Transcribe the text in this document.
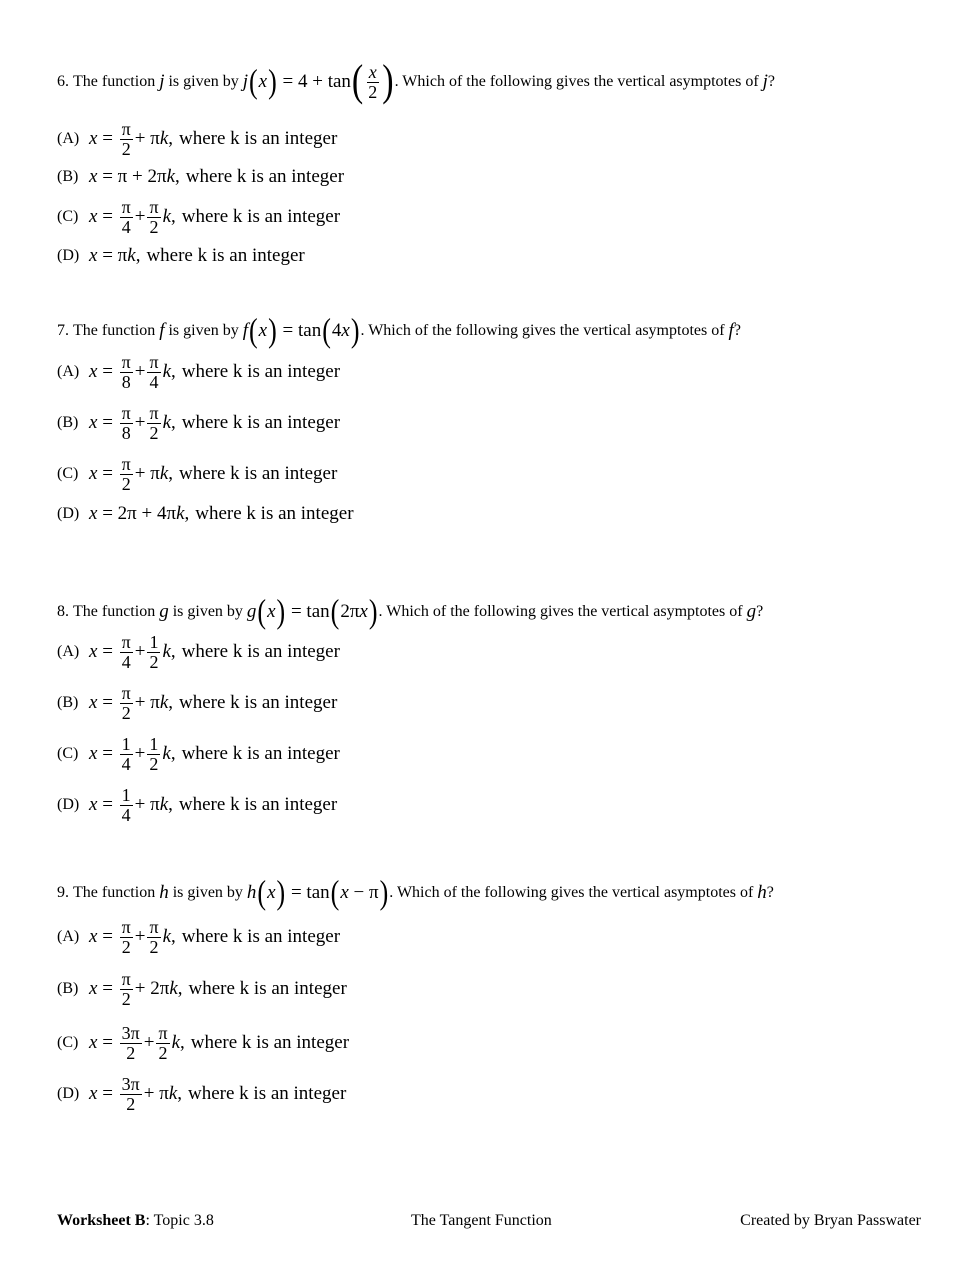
6.
The function
j
is given by
j ( x ) = 4 + tan ( $\frac{x}{2}$ ) . Which of the following gives the vertical asymptotes of
j ?
(A) $x = \frac{\pi}{2} + \pi$ k , where k is an integer
(B) x = π + 2π k , where k is an integer
(C) $x = \frac{\pi}{4} + \frac{\pi}{2}$ k , where k is an integer
(D) x = π k , where k is an integer
7.
The function
f
is given by
f ( x ) = tan ( 4 x ) . Which of the following gives the vertical asymptotes of
f ?
(A) $x = \frac{\pi}{8} + \frac{\pi}{4}$ k , where k is an integer
(B) $x = \frac{\pi}{8} + \frac{\pi}{2}$ k , where k is an integer
(C) $x = \frac{\pi}{2} + \pi$ k , where k is an integer
(D) x = 2π + 4π k , where k is an integer
8.
The function
g
is given by
g ( x ) = tan ( 2π x ) . Which of the following gives the vertical asymptotes of
g ?
(A) $x = \frac{\pi}{4} + \frac{1}{2}$ k , where k is an integer
(B) $x = \frac{\pi}{2} + \pi$ k , where k is an integer
(C) $x = \frac{1}{4} + \frac{1}{2}$ k , where k is an integer
(D) $x = \frac{1}{4} + \pi$ k , where k is an integer
9.
The function
h
is given by
h ( x ) = tan ( x − π ) . Which of the following gives the vertical asymptotes of
h ?
(A) $x = \frac{\pi}{2} + \frac{\pi}{2}$ k , where k is an integer
(B) $x = \frac{\pi}{2} + 2\pi$ k , where k is an integer
(C) $x = \frac{3\pi}{2} + \frac{\pi}{2}$ k , where k is an integer
(D) $x = \frac{3\pi}{2} + \pi$ k , where k is an integer
Worksheet B: Topic 3.8	The Tangent Function	Created by Bryan Passwater
